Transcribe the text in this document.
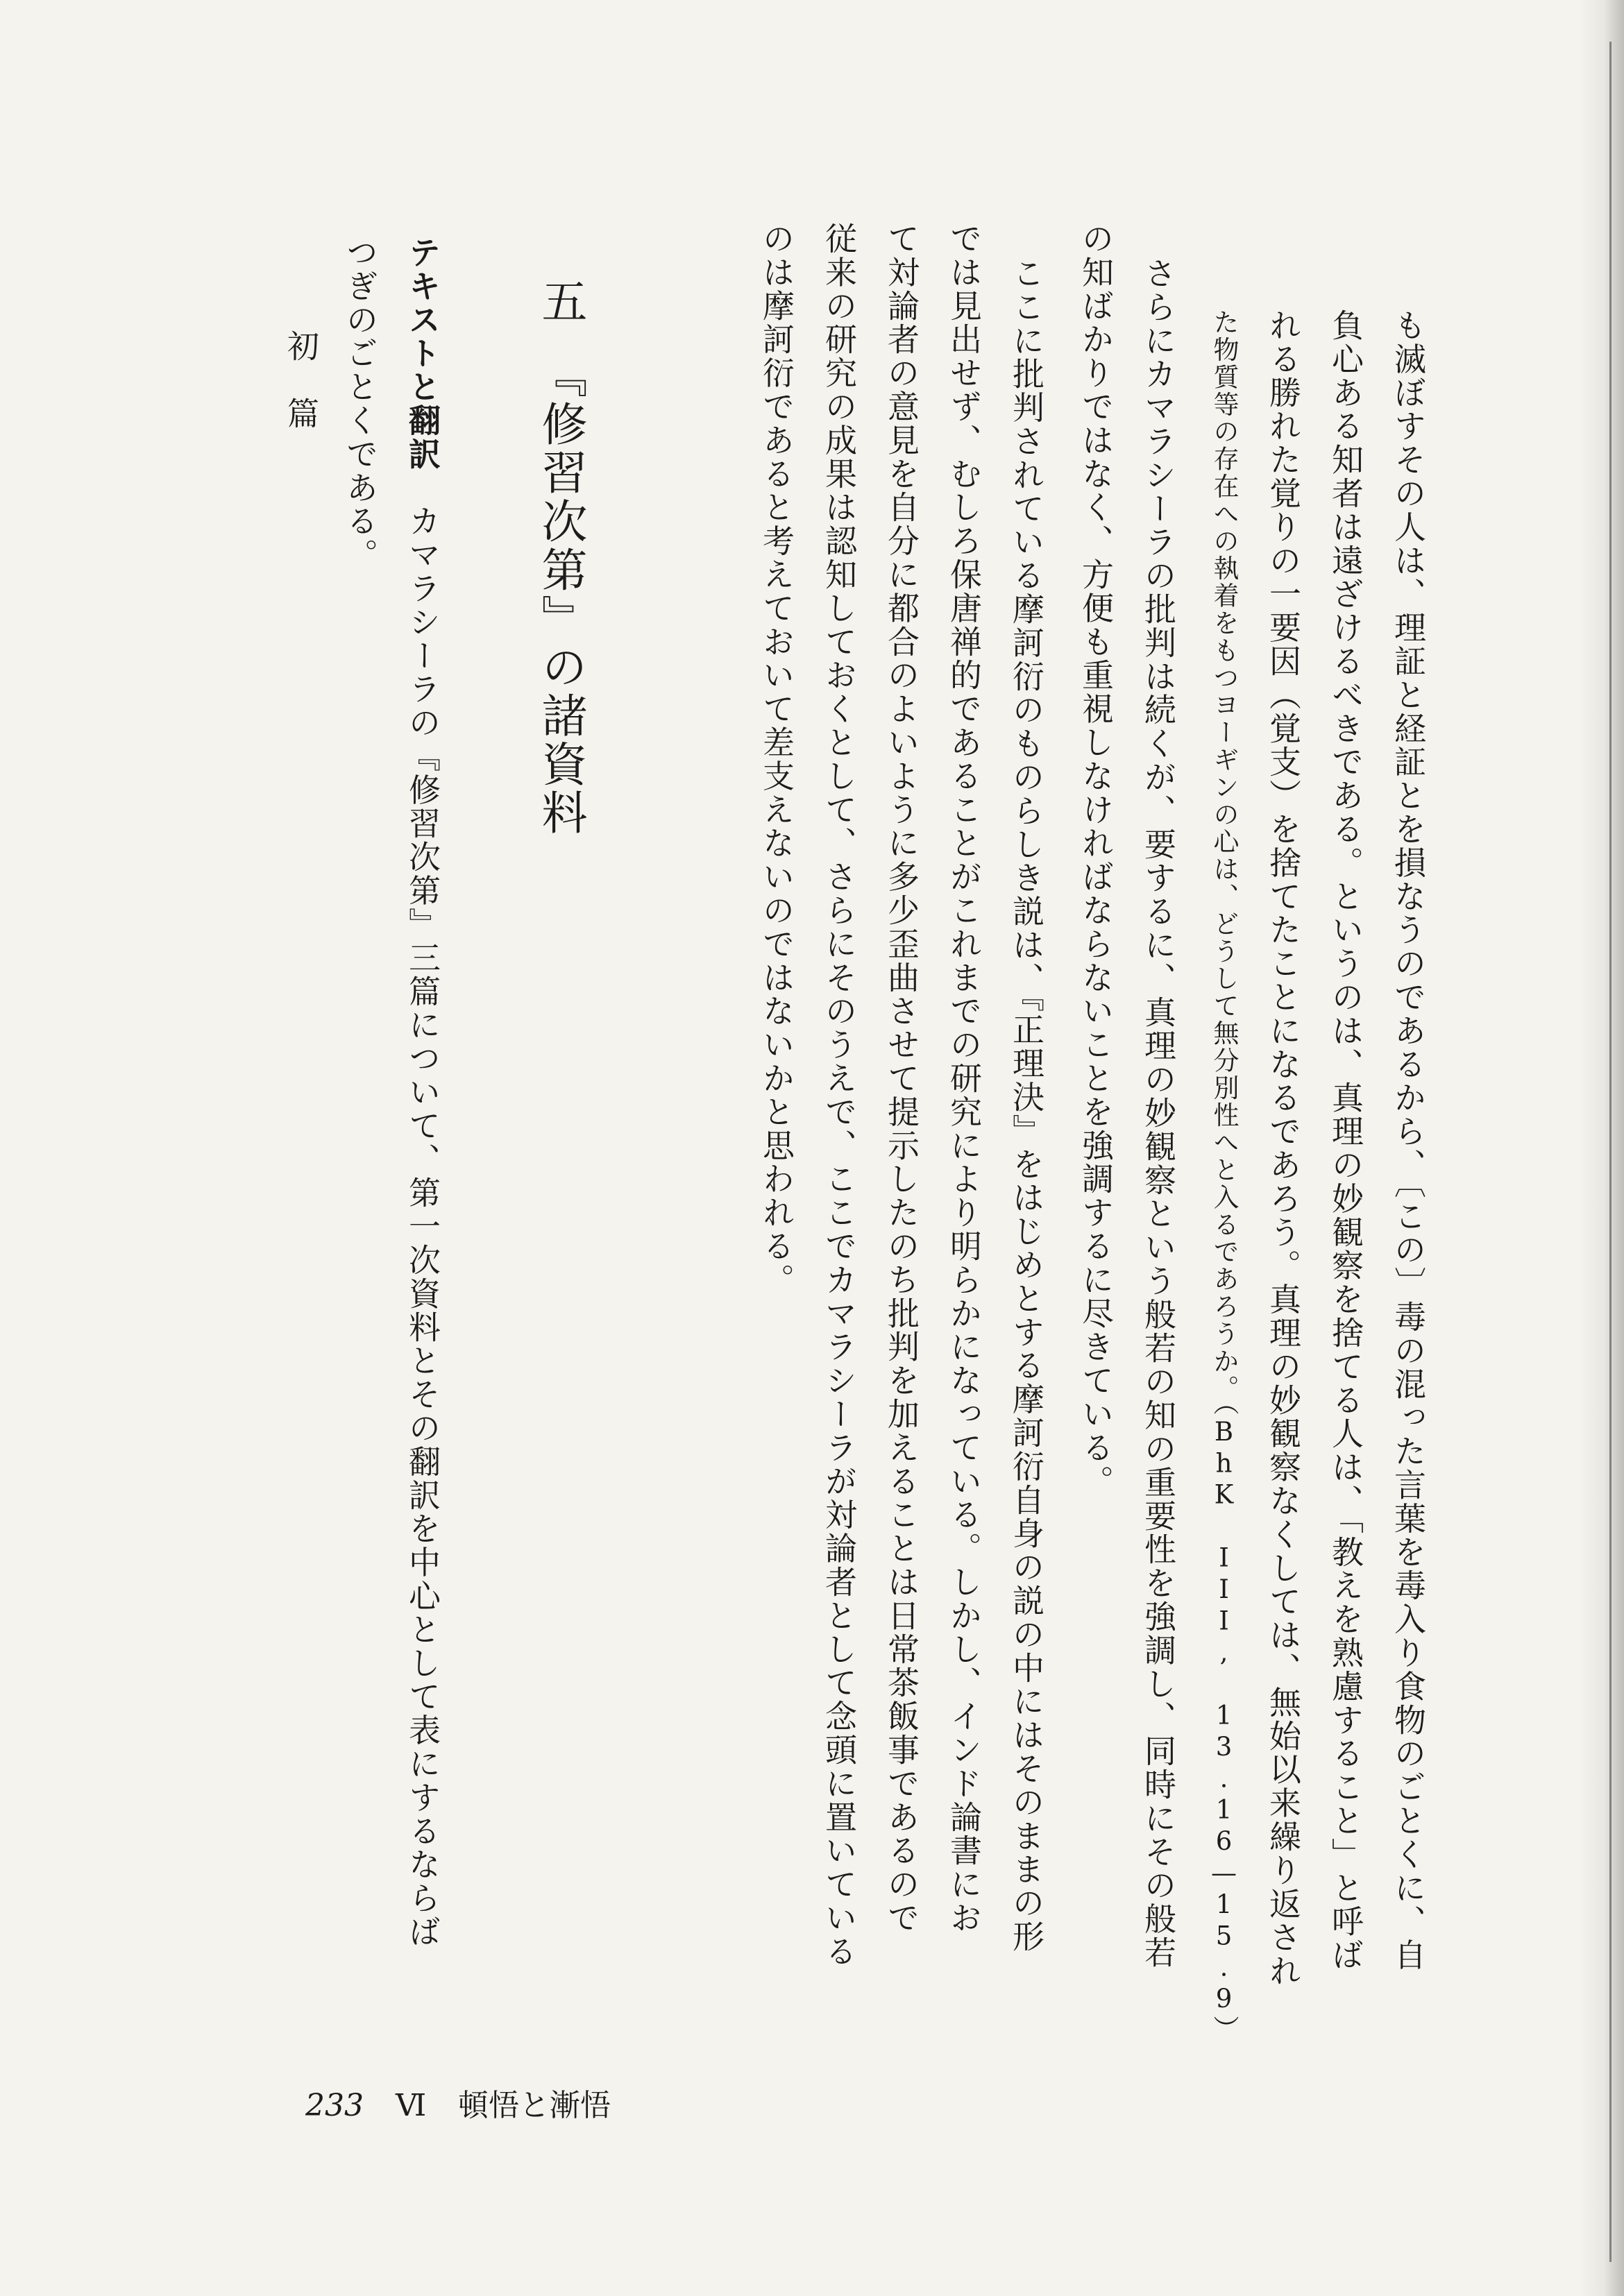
も滅ぼすその人は、理証と経証とを損なうのであるから、〔この〕毒の混った言葉を毒入り食物のごとくに、自
負心ある知者は遠ざけるべきである。というのは、真理の妙観察を捨てる人は、「教えを熟慮すること」と呼ば
れる勝れた覚りの一要因（覚支）を捨てたことになるであろう。真理の妙観察なくしては、無始以来繰り返され
た物質等の存在への執着をもつヨーギンの心は、どうして無分別性へと入るであろうか。（BhK III, 13.16—15.9）
さらにカマラシーラの批判は続くが、要するに、真理の妙観察という般若の知の重要性を強調し、同時にその般若
の知ばかりではなく、方便も重視しなければならないことを強調するに尽きている。
ここに批判されている摩訶衍のものらしき説は、『正理決』をはじめとする摩訶衍自身の説の中にはそのままの形
では見出せず、むしろ保唐禅的であることがこれまでの研究により明らかになっている。しかし、インド論書にお
て対論者の意見を自分に都合のよいように多少歪曲させて提示したのち批判を加えることは日常茶飯事であるので
従来の研究の成果は認知しておくとして、さらにそのうえで、ここでカマラシーラが対論者として念頭に置いている
のは摩訶衍であると考えておいて差支えないのではないかと思われる。
五　『修習次第』の諸資料
テキストと翻訳　カマラシーラの『修習次第』三篇について、第一次資料とその翻訳を中心として表にするならば
つぎのごとくである。
初　篇
233 Ⅵ 頓悟と漸悟
